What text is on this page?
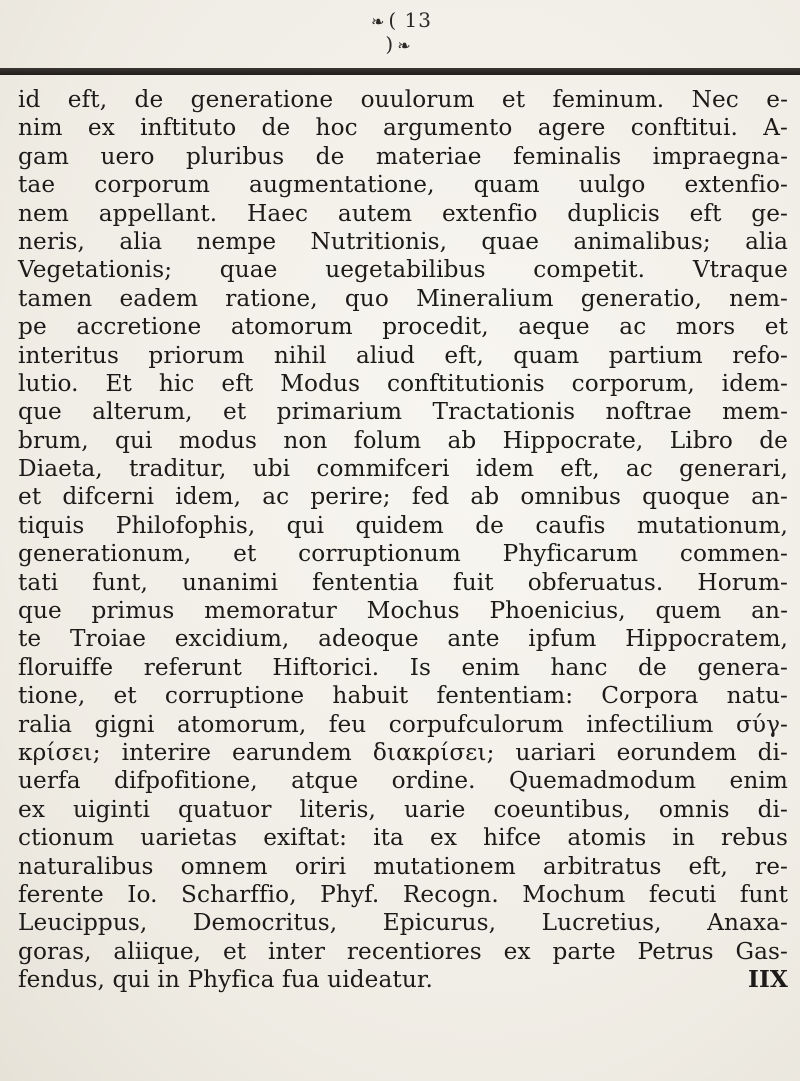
❧ ( 13 ) ❧
id eft, de generatione ouulorum et feminum. Nec e-
nim ex inftituto de hoc argumento agere conftitui. A-
gam uero pluribus de materiae feminalis impraegna-
tae corporum augmentatione, quam uulgo extenfio-
nem appellant. Haec autem extenfio duplicis eft ge-
neris, alia nempe Nutritionis, quae animalibus; alia
Vegetationis; quae uegetabilibus competit. Vtraque
tamen eadem ratione, quo Mineralium generatio, nem-
pe accretione atomorum procedit, aeque ac mors et
interitus priorum nihil aliud eft, quam partium refo-
lutio. Et hic eft Modus conftitutionis corporum, idem-
que alterum, et primarium Tractationis noftrae mem-
brum, qui modus non folum ab Hippocrate, Libro de
Diaeta, traditur, ubi commifceri idem eft, ac generari,
et difcerni idem, ac perire; fed ab omnibus quoque an-
tiquis Philofophis, qui quidem de caufis mutationum,
generationum, et corruptionum Phyficarum commen-
tati funt, unanimi fententia fuit obferuatus. Horum-
que primus memoratur Mochus Phoenicius, quem an-
te Troiae excidium, adeoque ante ipfum Hippocratem,
floruiffe referunt Hiftorici. Is enim hanc de genera-
tione, et corruptione habuit fententiam: Corpora natu-
ralia gigni atomorum, feu corpufculorum infectilium σύγ-
κρίσει; interire earundem διακρίσει; uariari eorundem di-
uerfa difpofitione, atque ordine. Quemadmodum enim
ex uiginti quatuor literis, uarie coeuntibus, omnis di-
ctionum uarietas exiftat: ita ex hifce atomis in rebus
naturalibus omnem oriri mutationem arbitratus eft, re-
ferente Io. Scharffio, Phyf. Recogn. Mochum fecuti funt
Leucippus, Democritus, Epicurus, Lucretius, Anaxa-
goras, aliique, et inter recentiores ex parte Petrus Gas-
fendus, qui in Phyfica fua uideatur.	IIX
